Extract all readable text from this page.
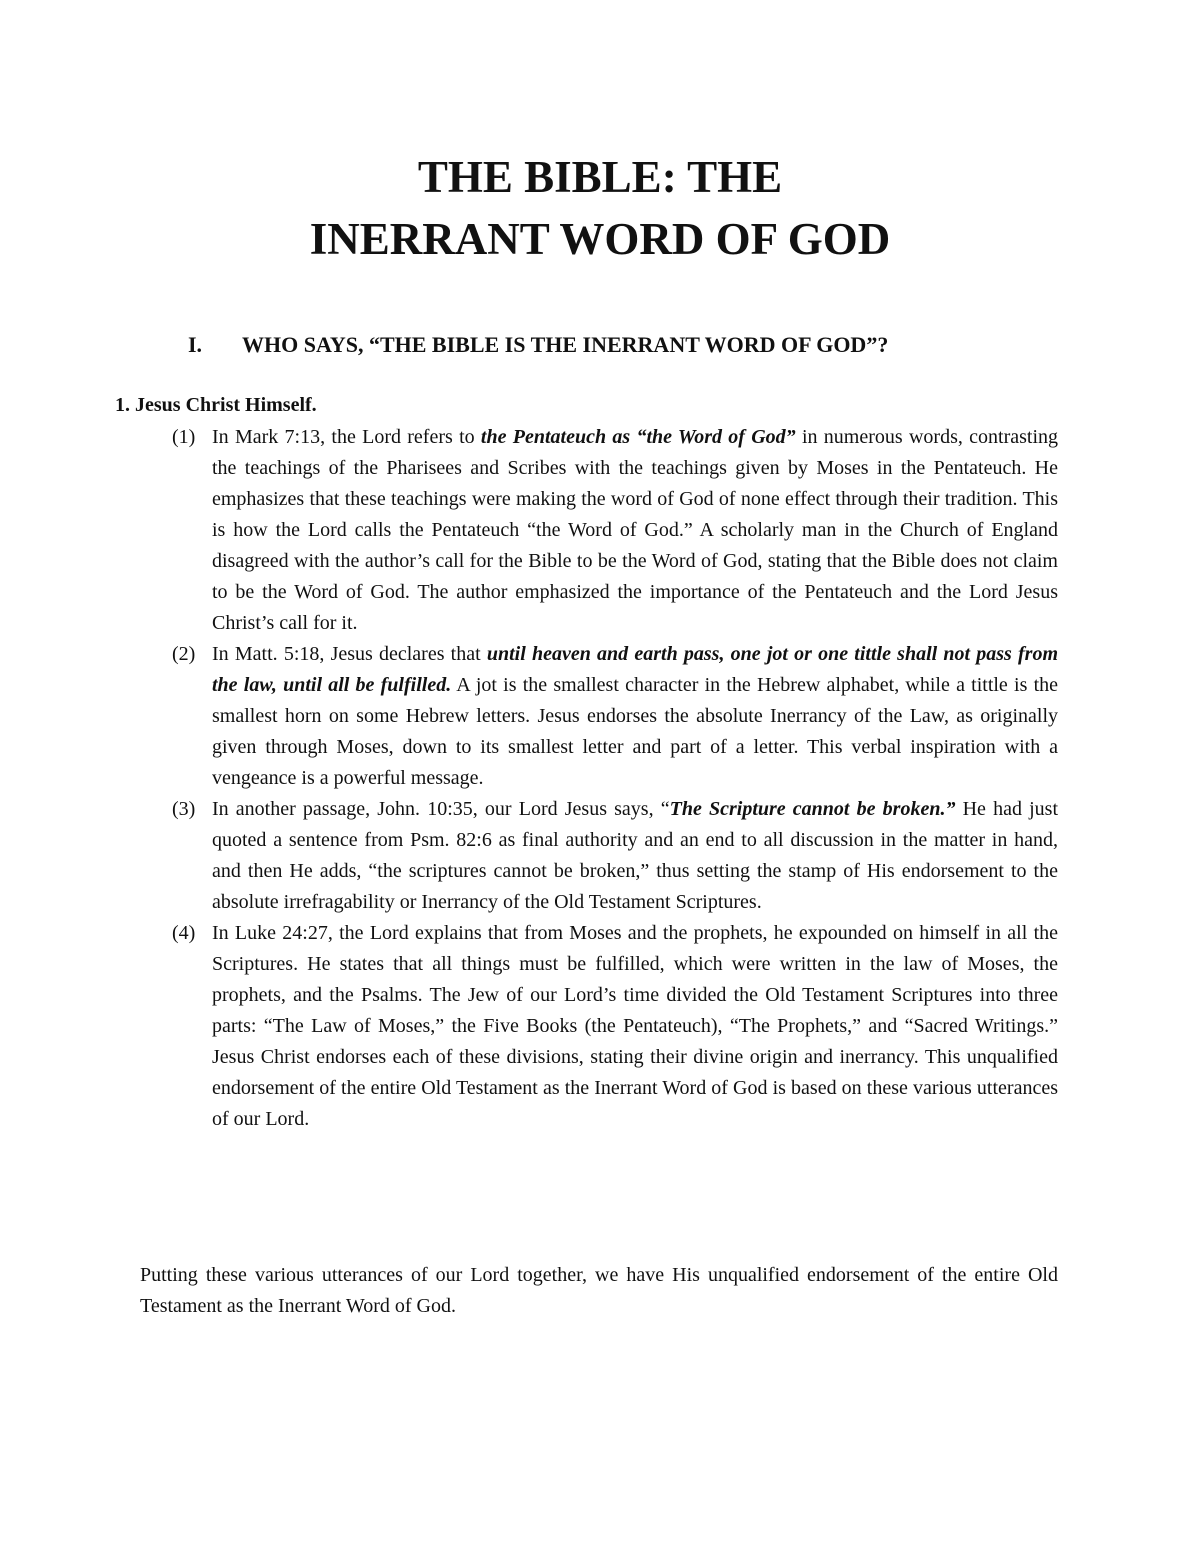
THE BIBLE: THE
INERRANT WORD OF GOD
I. WHO SAYS, “THE BIBLE IS THE INERRANT WORD OF GOD”?
1. Jesus Christ Himself.
(1) In Mark 7:13, the Lord refers to the Pentateuch as “the Word of God” in numerous words, contrasting the teachings of the Pharisees and Scribes with the teachings given by Moses in the Pentateuch. He emphasizes that these teachings were making the word of God of none effect through their tradition. This is how the Lord calls the Pentateuch “the Word of God.” A scholarly man in the Church of England disagreed with the author’s call for the Bible to be the Word of God, stating that the Bible does not claim to be the Word of God. The author emphasized the importance of the Pentateuch and the Lord Jesus Christ’s call for it.
(2) In Matt. 5:18, Jesus declares that until heaven and earth pass, one jot or one tittle shall not pass from the law, until all be fulfilled. A jot is the smallest character in the Hebrew alphabet, while a tittle is the smallest horn on some Hebrew letters. Jesus endorses the absolute Inerrancy of the Law, as originally given through Moses, down to its smallest letter and part of a letter. This verbal inspiration with a vengeance is a powerful message.
(3) In another passage, John. 10:35, our Lord Jesus says, “The Scripture cannot be broken.” He had just quoted a sentence from Psm. 82:6 as final authority and an end to all discussion in the matter in hand, and then He adds, “the scriptures cannot be broken,” thus setting the stamp of His endorsement to the absolute irrefragability or Inerrancy of the Old Testament Scriptures.
(4) In Luke 24:27, the Lord explains that from Moses and the prophets, he expounded on himself in all the Scriptures. He states that all things must be fulfilled, which were written in the law of Moses, the prophets, and the Psalms. The Jew of our Lord’s time divided the Old Testament Scriptures into three parts: “The Law of Moses,” the Five Books (the Pentateuch), “The Prophets,” and “Sacred Writings.” Jesus Christ endorses each of these divisions, stating their divine origin and inerrancy. This unqualified endorsement of the entire Old Testament as the Inerrant Word of God is based on these various utterances of our Lord.
Putting these various utterances of our Lord together, we have His unqualified endorsement of the entire Old Testament as the Inerrant Word of God.
